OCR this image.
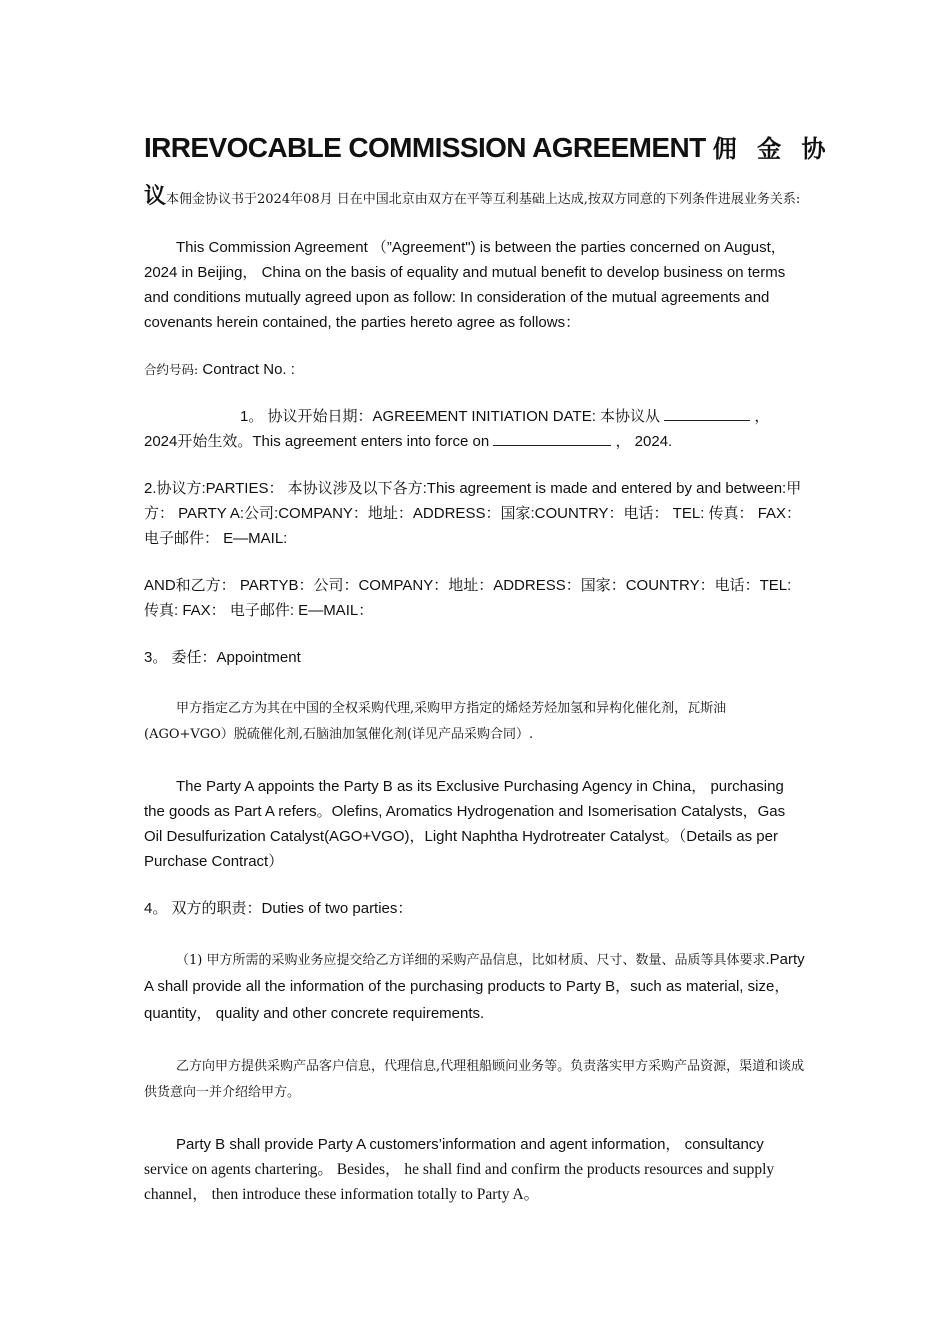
IRREVOCABLE COMMISSION AGREEMENT 佣 金 协

议本佣金协议书于2024年08月 日在中国北京由双方在平等互利基础上达成,按双方同意的下列条件进展业务关系:

This Commission Agreement （”Agreement") is between the parties concerned on August， 2024 in Beijing， China on the basis of equality and mutual benefit to develop business on terms and conditions mutually agreed upon as follow: In consideration of the mutual agreements and covenants herein contained, the parties hereto agree as follows：

合约号码: Contract No. :

1。 协议开始日期：AGREEMENT INITIATION DATE: 本协议从	，

2024开始生效。This agreement enters into force on	， 2024.

2.协议方:PARTIES： 本协议涉及以下各方:This agreement is made and entered by and between:甲方： PARTY A:公司:COMPANY：地址：ADDRESS：国家:COUNTRY：电话： TEL: 传真： FAX： 电子邮件： E—MAIL:

AND和乙方： PARTYB：公司：COMPANY：地址：ADDRESS：国家：COUNTRY：电话：TEL:传真: FAX： 电子邮件: E—MAIL：

3。 委任：Appointment

甲方指定乙方为其在中国的全权采购代理,采购甲方指定的烯烃芳烃加氢和异构化催化剂，瓦斯油(AGO+VGO）脱硫催化剂,石脑油加氢催化剂(详见产品采购合同）.

The Party A appoints the Party B as its Exclusive Purchasing Agency in China， purchasing the goods as Part A refers。Olefins, Aromatics Hydrogenation and Isomerisation Catalysts，Gas Oil Desulfurization Catalyst(AGO+VGO)，Light Naphtha Hydrotreater Catalyst。（Details as per Purchase Contract）

4。 双方的职责：Duties of two parties：

（1) 甲方所需的采购业务应提交给乙方详细的采购产品信息，比如材质、尺寸、数量、品质等具体要求.Party A shall provide all the information of the purchasing products to Party B，such as material, size， quantity， quality and other concrete requirements.

乙方向甲方提供采购产品客户信息，代理信息,代理租船顾问业务等。负责落实甲方采购产品资源，渠道和谈成供货意向一并介绍给甲方。

Party B shall provide Party A customers’information and agent information， consultancy

service on agents chartering。 Besides， he shall find and confirm the products resources and supply channel， then introduce these information totally to Party A。
